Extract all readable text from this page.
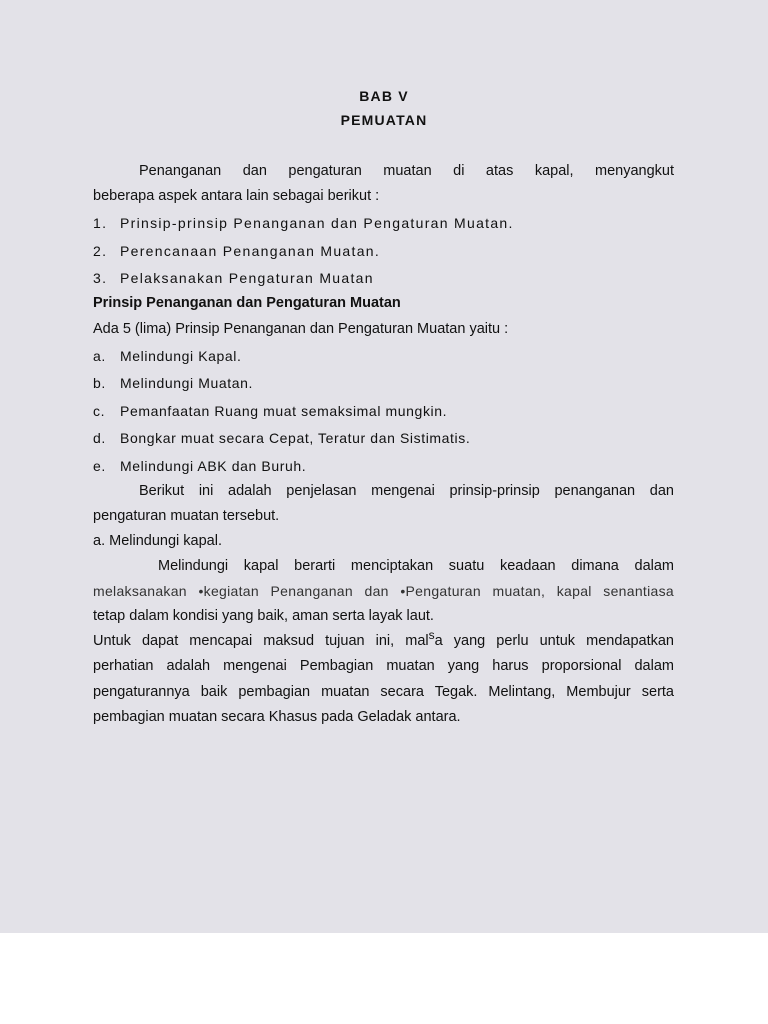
BAB V
PEMUATAN
Penanganan dan pengaturan muatan di atas kapal, menyangkut
beberapa aspek antara lain sebagai berikut :
1. Prinsip-prinsip Penanganan dan Pengaturan Muatan.
2. Perencanaan Penanganan Muatan.
3. Pelaksanakan Pengaturan Muatan
Prinsip Penanganan dan Pengaturan Muatan
Ada 5 (lima) Prinsip Penanganan dan Pengaturan Muatan yaitu :
a. Melindungi Kapal.
b. Melindungi Muatan.
c. Pemanfaatan Ruang muat semaksimal mungkin.
d. Bongkar muat secara Cepat, Teratur dan Sistimatis.
e. Melindungi ABK dan Buruh.
Berikut ini adalah penjelasan mengenai prinsip-prinsip penanganan dan
pengaturan muatan tersebut.
a. Melindungi kapal.
Melindungi kapal berarti menciptakan suatu keadaan dimana dalam
melaksanakan •kegiatan Penanganan dan •Pengaturan muatan, kapal senantiasa
tetap dalam kondisi yang baik, aman serta layak laut.
Untuk dapat mencapai maksud tujuan ini, mal$^s$a yang perlu untuk mendapatkan
perhatian adalah mengenai Pembagian muatan yang harus proporsional dalam
pengaturannya baik pembagian muatan secara Tegak. Melintang, Membujur serta
pembagian muatan secara Khasus pada Geladak antara.
